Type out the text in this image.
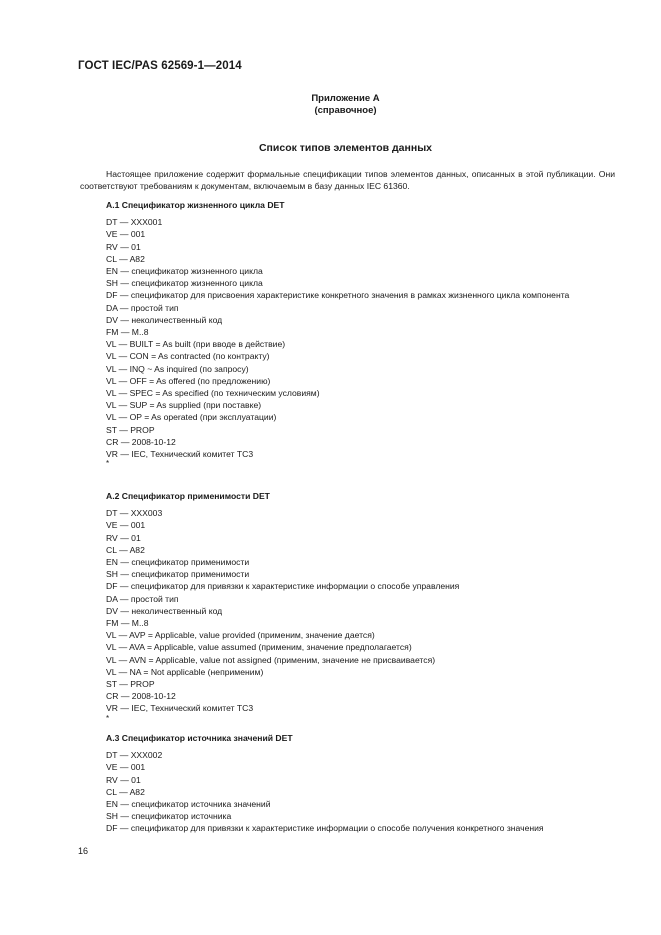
ГОСТ IEC/PAS 62569-1—2014
Приложение А
(справочное)
Список типов элементов данных

Настоящее приложение содержит формальные спецификации типов элементов данных, описанных в этой публикации. Они соответствуют требованиям к документам, включаемым в базу данных IEC 61360.

А.1 Спецификатор жизненного цикла DET
DT — XXX001
VE — 001
RV — 01
CL — A82
EN — спецификатор жизненного цикла
SH — спецификатор жизненного цикла
DF — спецификатор для присвоения характеристике конкретного значения в рамках жизненного цикла компонента
DA — простой тип
DV — неколичественный код
FM — M..8
VL — BUILT = As built (при вводе в действие)
VL — CON = As contracted (по контракту)
VL — INQ ~ As inquired (по запросу)
VL — OFF = As offered (по предложению)
VL — SPEC = As specified (по техническим условиям)
VL — SUP = As supplied (при поставке)
VL — OP = As operated (при эксплуатации)
ST — PROP
CR — 2008-10-12
VR — IEC, Технический комитет ТС3
*
А.2 Спецификатор применимости DET
DT — XXX003
VE — 001
RV — 01
CL — A82
EN — спецификатор применимости
SH — спецификатор применимости
DF — спецификатор для привязки к характеристике информации о способе управления
DA — простой тип
DV — неколичественный код
FM — M..8
VL — AVP = Applicable, value provided (применим, значение дается)
VL — AVA = Applicable, value assumed (применим, значение предполагается)
VL — AVN = Applicable, value not assigned (применим, значение не присваивается)
VL — NA = Not applicable (неприменим)
ST — PROP
CR — 2008-10-12
VR — IEC, Технический комитет ТС3
*
А.3 Спецификатор источника значений DET
DT — XXX002
VE — 001
RV — 01
CL — A82
EN — спецификатор источника значений
SH — спецификатор источника
DF — спецификатор для привязки к характеристике информации о способе получения конкретного значения
16
